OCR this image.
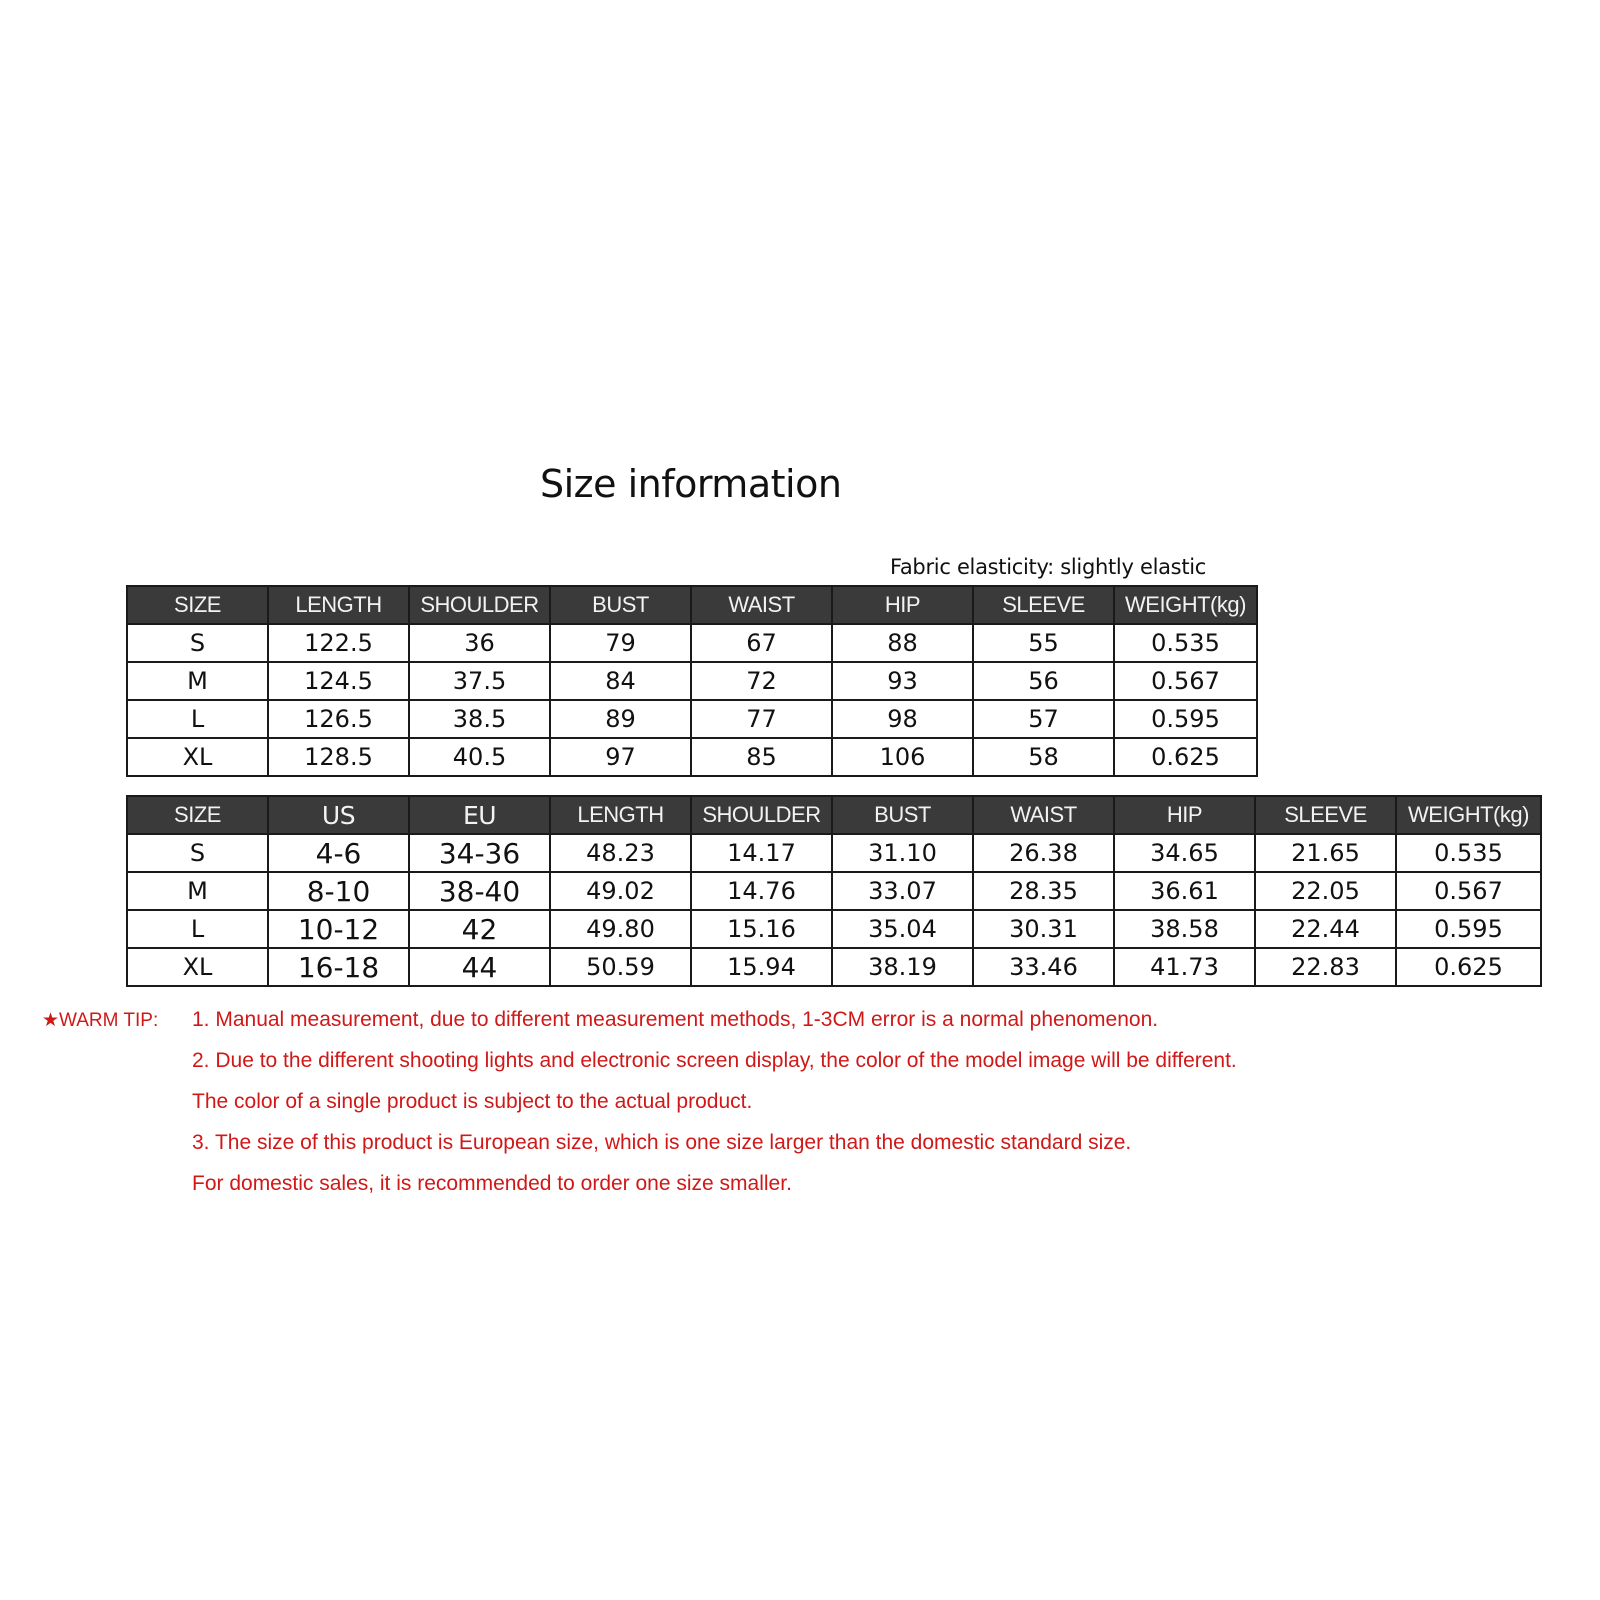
Size information
Fabric elasticity: slightly elastic
SIZE	LENGTH	SHOULDER	BUST	WAIST	HIP	SLEEVE	WEIGHT(kg)
S	122.5	36	79	67	88	55	0.535
M	124.5	37.5	84	72	93	56	0.567
L	126.5	38.5	89	77	98	57	0.595
XL	128.5	40.5	97	85	106	58	0.625
SIZE	US	EU	LENGTH	SHOULDER	BUST	WAIST	HIP	SLEEVE	WEIGHT(kg)
S	4-6	34-36	48.23	14.17	31.10	26.38	34.65	21.65	0.535
M	8-10	38-40	49.02	14.76	33.07	28.35	36.61	22.05	0.567
L	10-12	42	49.80	15.16	35.04	30.31	38.58	22.44	0.595
XL	16-18	44	50.59	15.94	38.19	33.46	41.73	22.83	0.625
★WARM TIP: 1. Manual measurement, due to different measurement methods, 1-3CM error is a normal phenomenon.
2. Due to the different shooting lights and electronic screen display, the color of the model image will be different.
The color of a single product is subject to the actual product.
3. The size of this product is European size, which is one size larger than the domestic standard size.
For domestic sales, it is recommended to order one size smaller.
